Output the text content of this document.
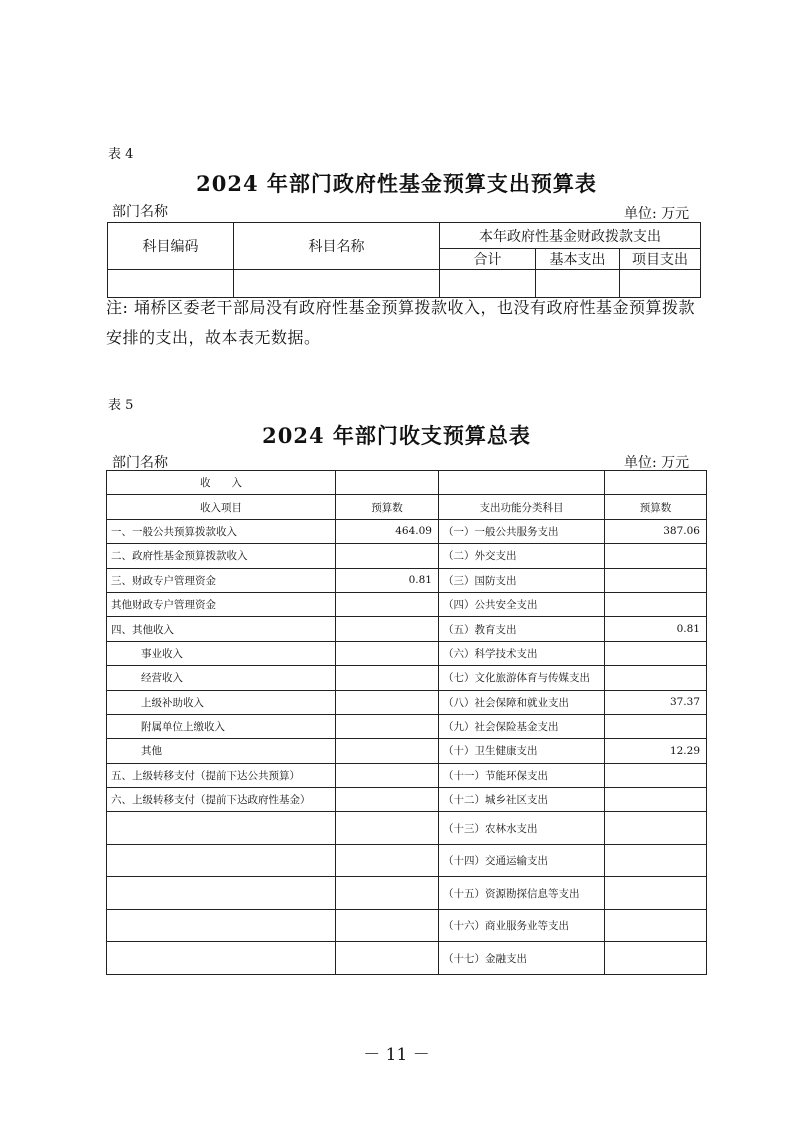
表 4
2024 年部门政府性基金预算支出预算表
部门名称	单位: 万元
科目编码	科目名称	本年政府性基金财政拨款支出		
		合计	基本支出	项目支出

注: 埇桥区委老干部局没有政府性基金预算拨款收入，也没有政府性基金预算拨款安排的支出，故本表无数据。
表 5
2024 年部门收支预算总表
部门名称	单位: 万元
收　　入			
收入项目	预算数	支出功能分类科目	预算数
一、一般公共预算拨款收入	464.09	（一）一般公共服务支出	387.06
二、政府性基金预算拨款收入		（二）外交支出	
三、财政专户管理资金	0.81	（三）国防支出	
其他财政专户管理资金		（四）公共安全支出	
四、其他收入		（五）教育支出	0.81
事业收入		（六）科学技术支出	
经营收入		（七）文化旅游体育与传媒支出	
上级补助收入		（八）社会保障和就业支出	37.37
附属单位上缴收入		（九）社会保险基金支出	
其他		（十）卫生健康支出	12.29
五、上级转移支付（提前下达公共预算）		（十一）节能环保支出	
六、上级转移支付（提前下达政府性基金）		（十二）城乡社区支出	
		（十三）农林水支出	
		（十四）交通运输支出	
		（十五）资源勘探信息等支出	
		（十六）商业服务业等支出	
		（十七）金融支出	
－ 11 －
